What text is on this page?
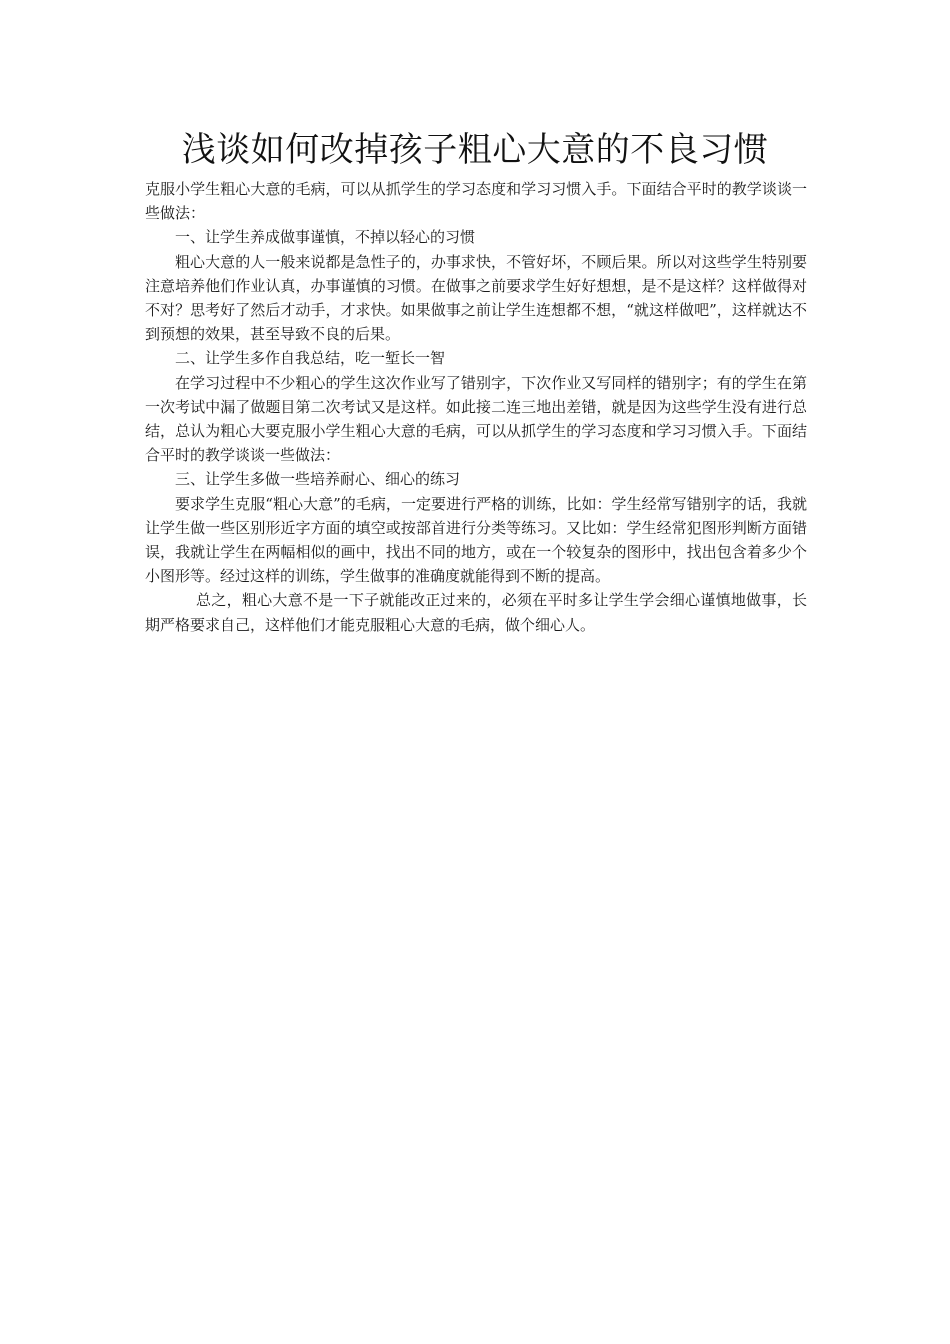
浅谈如何改掉孩子粗心大意的不良习惯

克服小学生粗心大意的毛病，可以从抓学生的学习态度和学习习惯入手。下面结合平时的教学谈谈一些做法：

一、让学生养成做事谨慎，不掉以轻心的习惯

粗心大意的人一般来说都是急性子的，办事求快，不管好坏，不顾后果。所以对这些学生特别要注意培养他们作业认真，办事谨慎的习惯。在做事之前要求学生好好想想，是不是这样？这样做得对不对？思考好了然后才动手，才求快。如果做事之前让学生连想都不想，“就这样做吧”，这样就达不到预想的效果，甚至导致不良的后果。

二、让学生多作自我总结，吃一堑长一智

在学习过程中不少粗心的学生这次作业写了错别字，下次作业又写同样的错别字；有的学生在第一次考试中漏了做题目第二次考试又是这样。如此接二连三地出差错，就是因为这些学生没有进行总结，总认为粗心大要克服小学生粗心大意的毛病，可以从抓学生的学习态度和学习习惯入手。下面结合平时的教学谈谈一些做法：

三、让学生多做一些培养耐心、细心的练习

要求学生克服“粗心大意”的毛病，一定要进行严格的训练，比如：学生经常写错别字的话，我就让学生做一些区别形近字方面的填空或按部首进行分类等练习。又比如：学生经常犯图形判断方面错误，我就让学生在两幅相似的画中，找出不同的地方，或在一个较复杂的图形中，找出包含着多少个小图形等。经过这样的训练，学生做事的准确度就能得到不断的提高。

总之，粗心大意不是一下子就能改正过来的，必须在平时多让学生学会细心谨慎地做事，长期严格要求自己，这样他们才能克服粗心大意的毛病，做个细心人。
